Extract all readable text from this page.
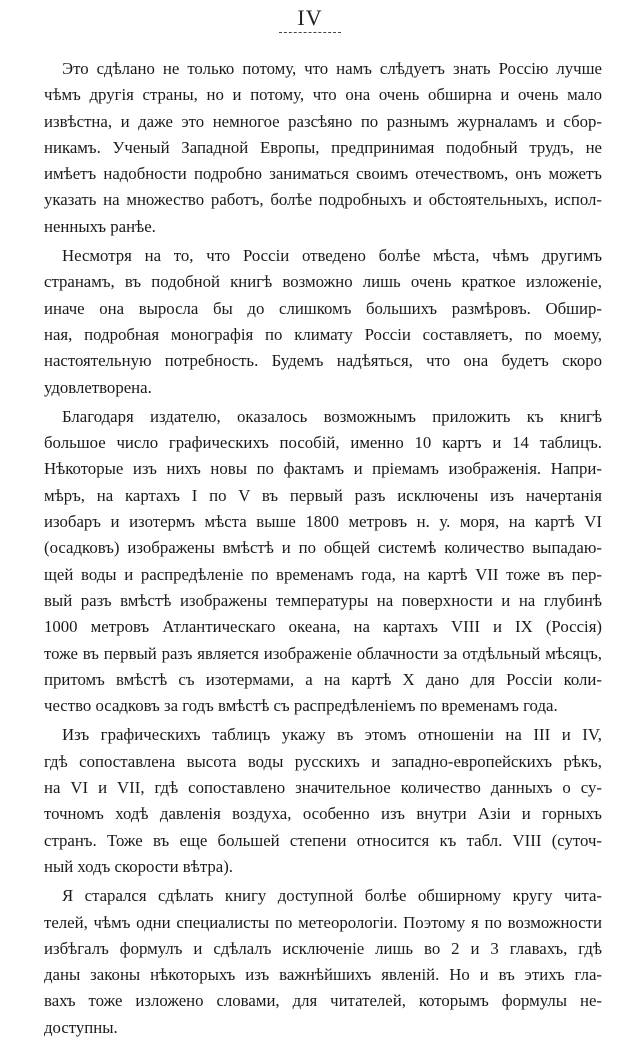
IV
Это сдѣлано не только потому, что намъ слѣдуетъ знать Россію лучше
чѣмъ другія страны, но и потому, что она очень обширна и очень мало
извѣстна, и даже это немногое разсѣяно по разнымъ журналамъ и сбор-
никамъ. Ученый Западной Европы, предпринимая подобный трудъ, не
имѣетъ надобности подробно заниматься своимъ отечествомъ, онъ можетъ
указать на множество работъ, болѣе подробныхъ и обстоятельныхъ, испол-
ненныхъ ранѣе.
Несмотря на то, что Россіи отведено болѣе мѣста, чѣмъ другимъ
странамъ, въ подобной книгѣ возможно лишь очень краткое изложеніе,
иначе она выросла бы до слишкомъ большихъ размѣровъ. Обшир-
ная, подробная монографія по климату Россіи составляетъ, по моему,
настоятельную потребность. Будемъ надѣяться, что она будетъ скоро
удовлетворена.
Благодаря издателю, оказалось возможнымъ приложить къ книгѣ
большое число графическихъ пособій, именно 10 картъ и 14 таблицъ.
Нѣкоторые изъ нихъ новы по фактамъ и пріемамъ изображенія. Напри-
мѣръ, на картахъ I по V въ первый разъ исключены изъ начертанія
изобаръ и изотермъ мѣста выше 1800 метровъ н. у. моря, на картѣ VI
(осадковъ) изображены вмѣстѣ и по общей системѣ количество выпадаю-
щей воды и распредѣленіе по временамъ года, на картѣ VII тоже въ пер-
вый разъ вмѣстѣ изображены температуры на поверхности и на глубинѣ
1000 метровъ Атлантическаго океана, на картахъ VIII и IX (Россія)
тоже въ первый разъ является изображеніе облачности за отдѣльный мѣсяцъ,
притомъ вмѣстѣ съ изотермами, а на картѣ X дано для Россіи коли-
чество осадковъ за годъ вмѣстѣ съ распредѣленіемъ по временамъ года.
Изъ графическихъ таблицъ укажу въ этомъ отношеніи на III и IV,
гдѣ сопоставлена высота воды русскихъ и западно-европейскихъ рѣкъ,
на VI и VII, гдѣ сопоставлено значительное количество данныхъ о су-
точномъ ходѣ давленія воздуха, особенно изъ внутри Азіи и горныхъ
странъ. Тоже въ еще большей степени относится къ табл. VIII (суточ-
ный ходъ скорости вѣтра).
Я старался сдѣлать книгу доступной болѣе обширному кругу чита-
телей, чѣмъ одни специалисты по метеорологіи. Поэтому я по возможности
избѣгалъ формулъ и сдѣлалъ исключеніе лишь во 2 и 3 главахъ, гдѣ
даны законы нѣкоторыхъ изъ важнѣйшихъ явленій. Но и въ этихъ гла-
вахъ тоже изложено словами, для читателей, которымъ формулы не-
доступны.
